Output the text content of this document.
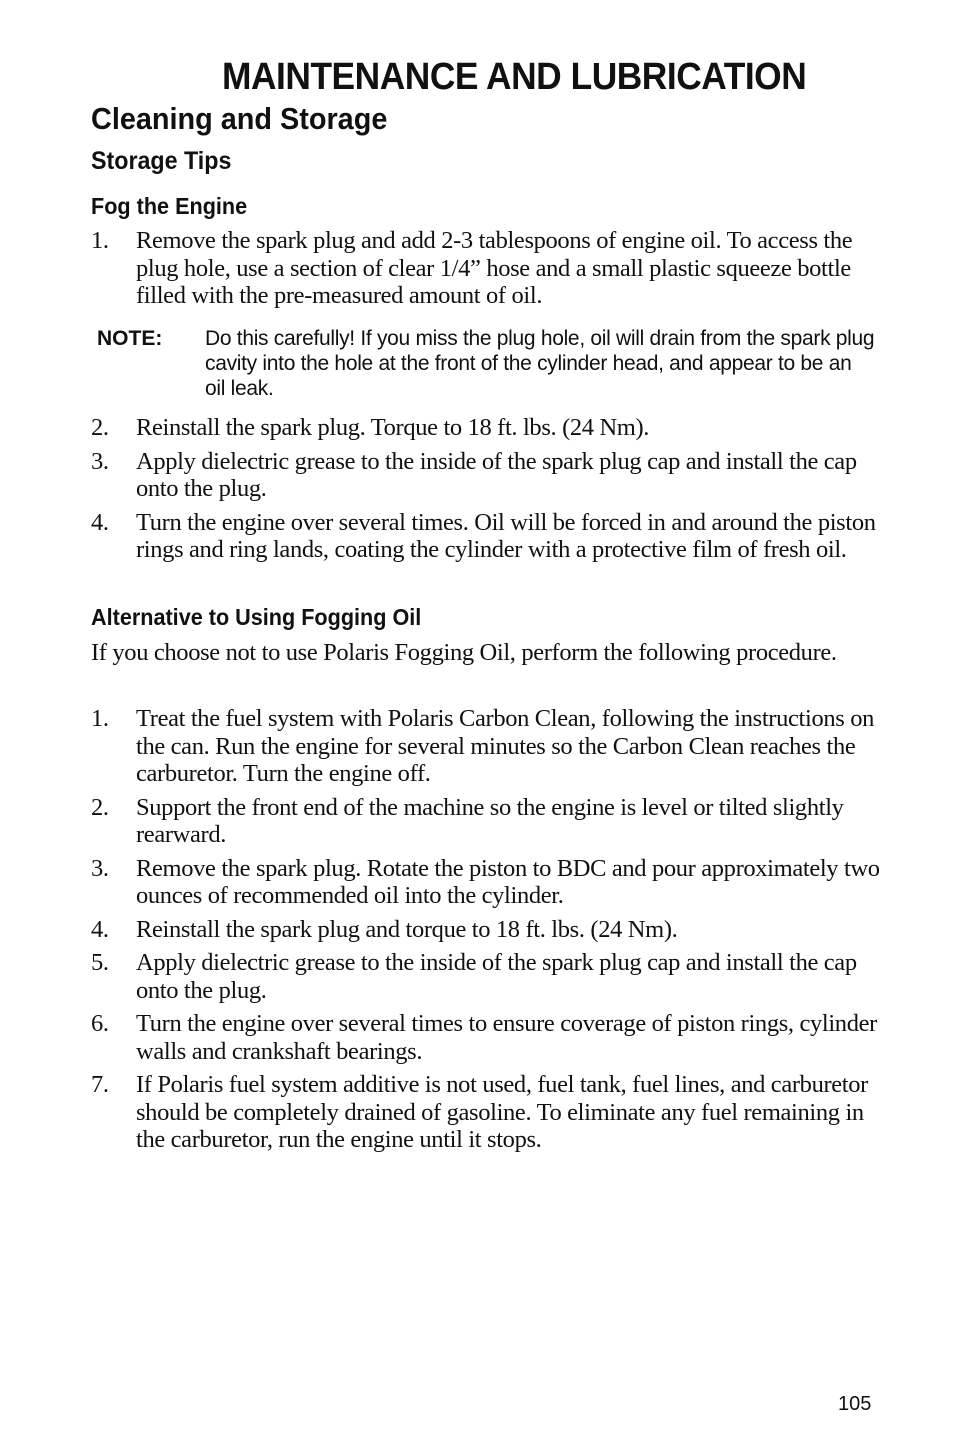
MAINTENANCE AND LUBRICATION
Cleaning and Storage
Storage Tips
Fog the Engine
1. Remove the spark plug and add 2-3 tablespoons of engine oil. To access the plug hole, use a section of clear 1/4” hose and a small plastic squeeze bottle filled with the pre-measured amount of oil.
NOTE: Do this carefully! If you miss the plug hole, oil will drain from the spark plug cavity into the hole at the front of the cylinder head, and appear to be an oil leak.
2. Reinstall the spark plug. Torque to 18 ft. lbs. (24 Nm).
3. Apply dielectric grease to the inside of the spark plug cap and install the cap onto the plug.
4. Turn the engine over several times. Oil will be forced in and around the piston rings and ring lands, coating the cylinder with a protective film of fresh oil.
Alternative to Using Fogging Oil

If you choose not to use Polaris Fogging Oil, perform the following procedure.

1. Treat the fuel system with Polaris Carbon Clean, following the instructions on the can. Run the engine for several minutes so the Carbon Clean reaches the carburetor. Turn the engine off.
2. Support the front end of the machine so the engine is level or tilted slightly rearward.
3. Remove the spark plug. Rotate the piston to BDC and pour approximately two ounces of recommended oil into the cylinder.
4. Reinstall the spark plug and torque to 18 ft. lbs. (24 Nm).
5. Apply dielectric grease to the inside of the spark plug cap and install the cap onto the plug.
6. Turn the engine over several times to ensure coverage of piston rings, cylinder walls and crankshaft bearings.
7. If Polaris fuel system additive is not used, fuel tank, fuel lines, and carburetor should be completely drained of gasoline. To eliminate any fuel remaining in the carburetor, run the engine until it stops.
105
